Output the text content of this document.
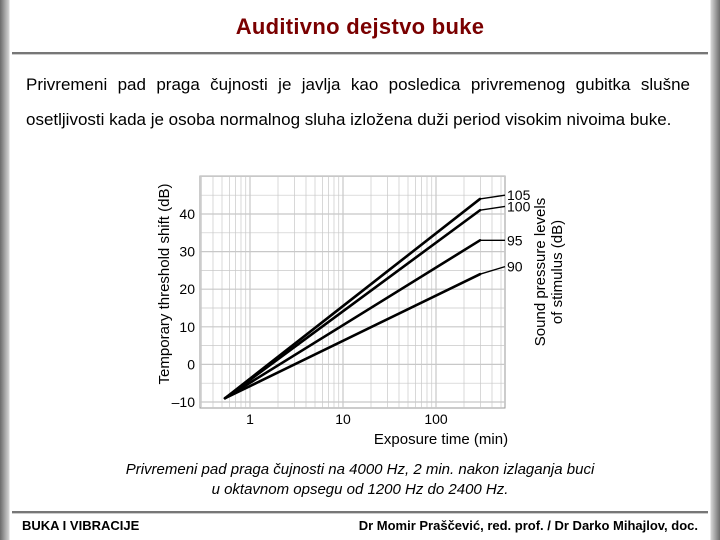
Auditivno dejstvo buke
Privremeni pad praga čujnosti je javlja kao posledica privremenog gubitka slušne osetljivosti kada je osoba normalnog sluha izložena duži period visokim nivoima buke.
–10
0
10
20
30
40
1	10	100
105
100
95
90
Temporary threshold shift (dB)
Exposure time (min)
Sound pressure levels of stimulus (dB)
Privremeni pad praga čujnosti na 4000 Hz, 2 min. nakon izlaganja buci
u oktavnom opsegu od 1200 Hz do 2400 Hz.
BUKA I VIBRACIJE	Dr Momir Praščević, red. prof. / Dr Darko Mihajlov, doc.
